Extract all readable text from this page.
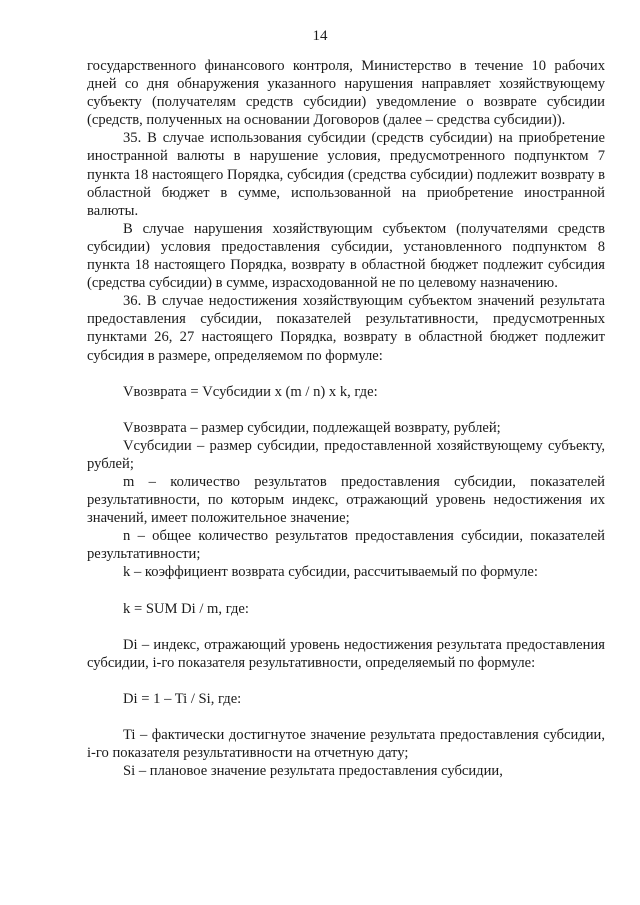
14

государственного финансового контроля, Министерство в течение 10 рабочих дней со дня обнаружения указанного нарушения направляет хозяйствующему субъекту (получателям средств субсидии) уведомление о возврате субсидии (средств, полученных на основании Договоров (далее – средства субсидии)).

35. В случае использования субсидии (средств субсидии) на приобретение иностранной валюты в нарушение условия, предусмотренного подпунктом 7 пункта 18 настоящего Порядка, субсидия (средства субсидии) подлежит возврату в областной бюджет в сумме, использованной на приобретение иностранной валюты.

В случае нарушения хозяйствующим субъектом (получателями средств субсидии) условия предоставления субсидии, установленного подпунктом 8 пункта 18 настоящего Порядка, возврату в областной бюджет подлежит субсидия (средства субсидии) в сумме, израсходованной не по целевому назначению.

36. В случае недостижения хозяйствующим субъектом значений результата предоставления субсидии, показателей результативности, предусмотренных пунктами 26, 27 настоящего Порядка, возврату в областной бюджет подлежит субсидия в размере, определяемом по формуле:

Vвозврата = Vсубсидии x (m / n) x k, где:

Vвозврата – размер субсидии, подлежащей возврату, рублей;

Vсубсидии – размер субсидии, предоставленной хозяйствующему субъекту, рублей;

m – количество результатов предоставления субсидии, показателей результативности, по которым индекс, отражающий уровень недостижения их значений, имеет положительное значение;

n – общее количество результатов предоставления субсидии, показателей результативности;

k – коэффициент возврата субсидии, рассчитываемый по формуле:

k = SUM Di / m, где:

Di – индекс, отражающий уровень недостижения результата предоставления субсидии, i-го показателя результативности, определяемый по формуле:

Di = 1 – Ti / Si, где:

Ti – фактически достигнутое значение результата предоставления субсидии, i-го показателя результативности на отчетную дату;

Si – плановое значение результата предоставления субсидии,
